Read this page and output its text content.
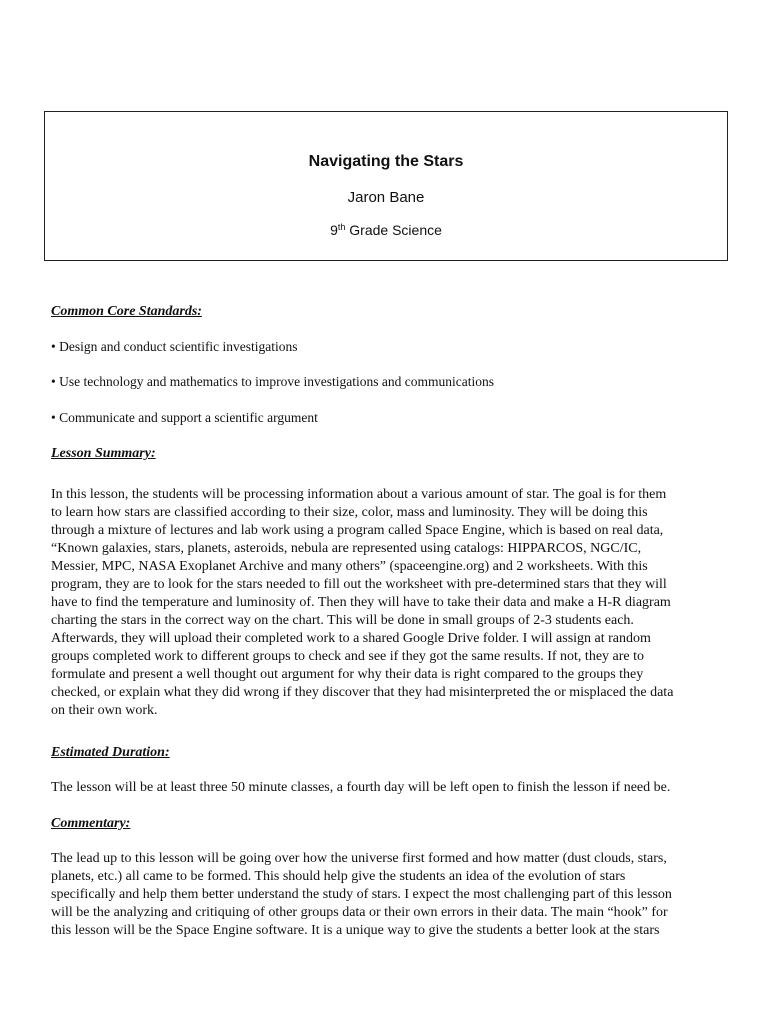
Navigating the Stars
Jaron Bane
9th Grade Science

Common Core Standards:

• Design and conduct scientific investigations

• Use technology and mathematics to improve investigations and communications

• Communicate and support a scientific argument

Lesson Summary:

In this lesson, the students will be processing information about a various amount of star. The goal is for them
to learn how stars are classified according to their size, color, mass and luminosity. They will be doing this
through a mixture of lectures and lab work using a program called Space Engine, which is based on real data,
“Known galaxies, stars, planets, asteroids, nebula are represented using catalogs: HIPPARCOS, NGC/IC,
Messier, MPC, NASA Exoplanet Archive and many others” (spaceengine.org) and 2 worksheets. With this
program, they are to look for the stars needed to fill out the worksheet with pre-determined stars that they will
have to find the temperature and luminosity of. Then they will have to take their data and make a H-R diagram
charting the stars in the correct way on the chart. This will be done in small groups of 2-3 students each.
Afterwards, they will upload their completed work to a shared Google Drive folder. I will assign at random
groups completed work to different groups to check and see if they got the same results. If not, they are to
formulate and present a well thought out argument for why their data is right compared to the groups they
checked, or explain what they did wrong if they discover that they had misinterpreted the or misplaced the data
on their own work.

Estimated Duration:

The lesson will be at least three 50 minute classes, a fourth day will be left open to finish the lesson if need be.

Commentary:

The lead up to this lesson will be going over how the universe first formed and how matter (dust clouds, stars,
planets, etc.) all came to be formed. This should help give the students an idea of the evolution of stars
specifically and help them better understand the study of stars. I expect the most challenging part of this lesson
will be the analyzing and critiquing of other groups data or their own errors in their data. The main “hook” for
this lesson will be the Space Engine software. It is a unique way to give the students a better look at the stars
